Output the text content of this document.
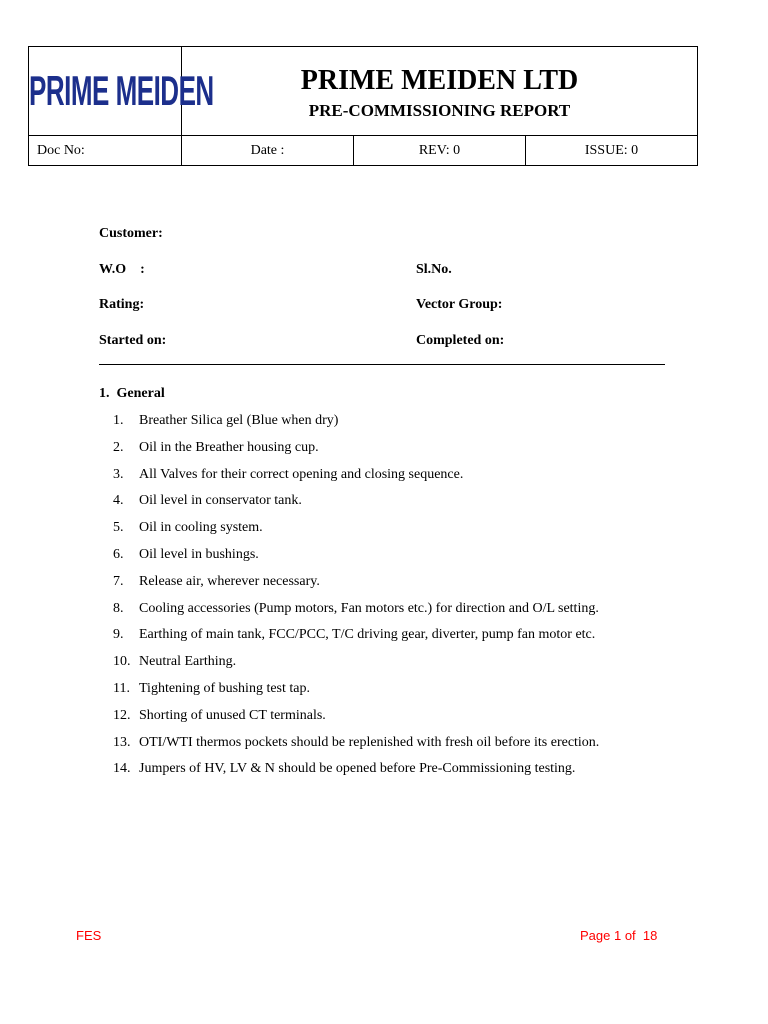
PRIME MEIDEN	PRIME MEIDEN LTD
PRE-COMMISSIONING REPORT		

Doc No:	Date :	REV: 0	ISSUE: 0
Customer:
W.O    :	Sl.No.
Rating:	Vector Group:
Started on:	Completed on:
1.  General
1. Breather Silica gel (Blue when dry)
2. Oil in the Breather housing cup.
3. All Valves for their correct opening and closing sequence.
4. Oil level in conservator tank.
5. Oil in cooling system.
6. Oil level in bushings.
7. Release air, wherever necessary.
8. Cooling accessories (Pump motors, Fan motors etc.) for direction and O/L setting.
9. Earthing of main tank, FCC/PCC, T/C driving gear, diverter, pump fan motor etc.
10. Neutral Earthing.
11. Tightening of bushing test tap.
12. Shorting of unused CT terminals.
13. OTI/WTI thermos pockets should be replenished with fresh oil before its erection.
14. Jumpers of HV, LV & N should be opened before Pre-Commissioning testing.
FES	Page 1 of  18
